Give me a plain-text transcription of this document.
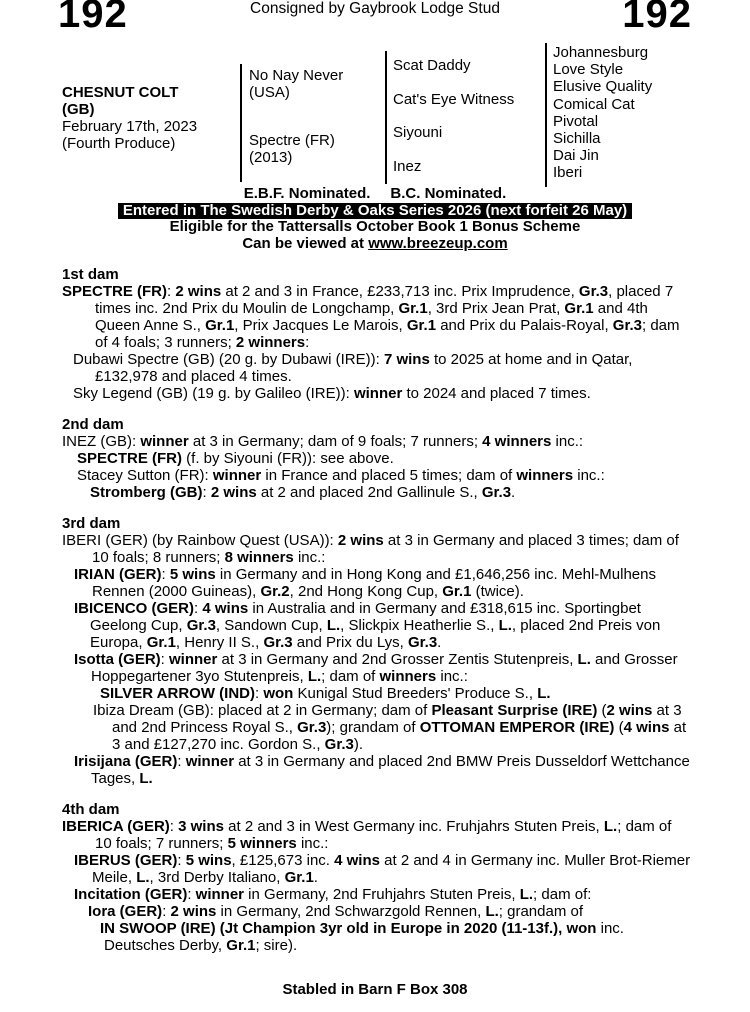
192	Consigned by Gaybrook Lodge Stud	192
CHESNUT COLT (GB)
February 17th, 2023
(Fourth Produce)
No Nay Never
(USA)
Spectre (FR)
(2013)
Scat Daddy
Cat's Eye Witness
Siyouni
Inez
Johannesburg
Love Style
Elusive Quality
Comical Cat
Pivotal
Sichilla
Dai Jin
Iberi
E.B.F. Nominated. B.C. Nominated.
Entered in The Swedish Derby & Oaks Series 2026 (next forfeit 26 May)
Eligible for the Tattersalls October Book 1 Bonus Scheme
Can be viewed at www.breezeup.com
1st dam
SPECTRE (FR): 2 wins at 2 and 3 in France, £233,713 inc. Prix Imprudence, Gr.3, placed 7 times inc. 2nd Prix du Moulin de Longchamp, Gr.1, 3rd Prix Jean Prat, Gr.1 and 4th Queen Anne S., Gr.1, Prix Jacques Le Marois, Gr.1 and Prix du Palais-Royal, Gr.3; dam of 4 foals; 3 runners; 2 winners:
Dubawi Spectre (GB) (20 g. by Dubawi (IRE)): 7 wins to 2025 at home and in Qatar, £132,978 and placed 4 times.
Sky Legend (GB) (19 g. by Galileo (IRE)): winner to 2024 and placed 7 times.
2nd dam
INEZ (GB): winner at 3 in Germany; dam of 9 foals; 7 runners; 4 winners inc.:
SPECTRE (FR) (f. by Siyouni (FR)): see above.
Stacey Sutton (FR): winner in France and placed 5 times; dam of winners inc.:
Stromberg (GB): 2 wins at 2 and placed 2nd Gallinule S., Gr.3.
3rd dam
IBERI (GER) (by Rainbow Quest (USA)): 2 wins at 3 in Germany and placed 3 times; dam of 10 foals; 8 runners; 8 winners inc.:
IRIAN (GER): 5 wins in Germany and in Hong Kong and £1,646,256 inc. Mehl-Mulhens Rennen (2000 Guineas), Gr.2, 2nd Hong Kong Cup, Gr.1 (twice).
IBICENCO (GER): 4 wins in Australia and in Germany and £318,615 inc. Sportingbet Geelong Cup, Gr.3, Sandown Cup, L., Slickpix Heatherlie S., L., placed 2nd Preis von Europa, Gr.1, Henry II S., Gr.3 and Prix du Lys, Gr.3.
Isotta (GER): winner at 3 in Germany and 2nd Grosser Zentis Stutenpreis, L. and Grosser Hoppegartener 3yo Stutenpreis, L.; dam of winners inc.:
SILVER ARROW (IND): won Kunigal Stud Breeders' Produce S., L.
Ibiza Dream (GB): placed at 2 in Germany; dam of Pleasant Surprise (IRE) (2 wins at 3 and 2nd Princess Royal S., Gr.3); grandam of OTTOMAN EMPEROR (IRE) (4 wins at 3 and £127,270 inc. Gordon S., Gr.3).
Irisijana (GER): winner at 3 in Germany and placed 2nd BMW Preis Dusseldorf Wettchance Tages, L.
4th dam
IBERICA (GER): 3 wins at 2 and 3 in West Germany inc. Fruhjahrs Stuten Preis, L.; dam of 10 foals; 7 runners; 5 winners inc.:
IBERUS (GER): 5 wins, £125,673 inc. 4 wins at 2 and 4 in Germany inc. Muller Brot-Riemer Meile, L., 3rd Derby Italiano, Gr.1.
Incitation (GER): winner in Germany, 2nd Fruhjahrs Stuten Preis, L.; dam of:
Iora (GER): 2 wins in Germany, 2nd Schwarzgold Rennen, L.; grandam of
IN SWOOP (IRE) (Jt Champion 3yr old in Europe in 2020 (11-13f.), won inc. Deutsches Derby, Gr.1; sire).
Stabled in Barn F Box 308
